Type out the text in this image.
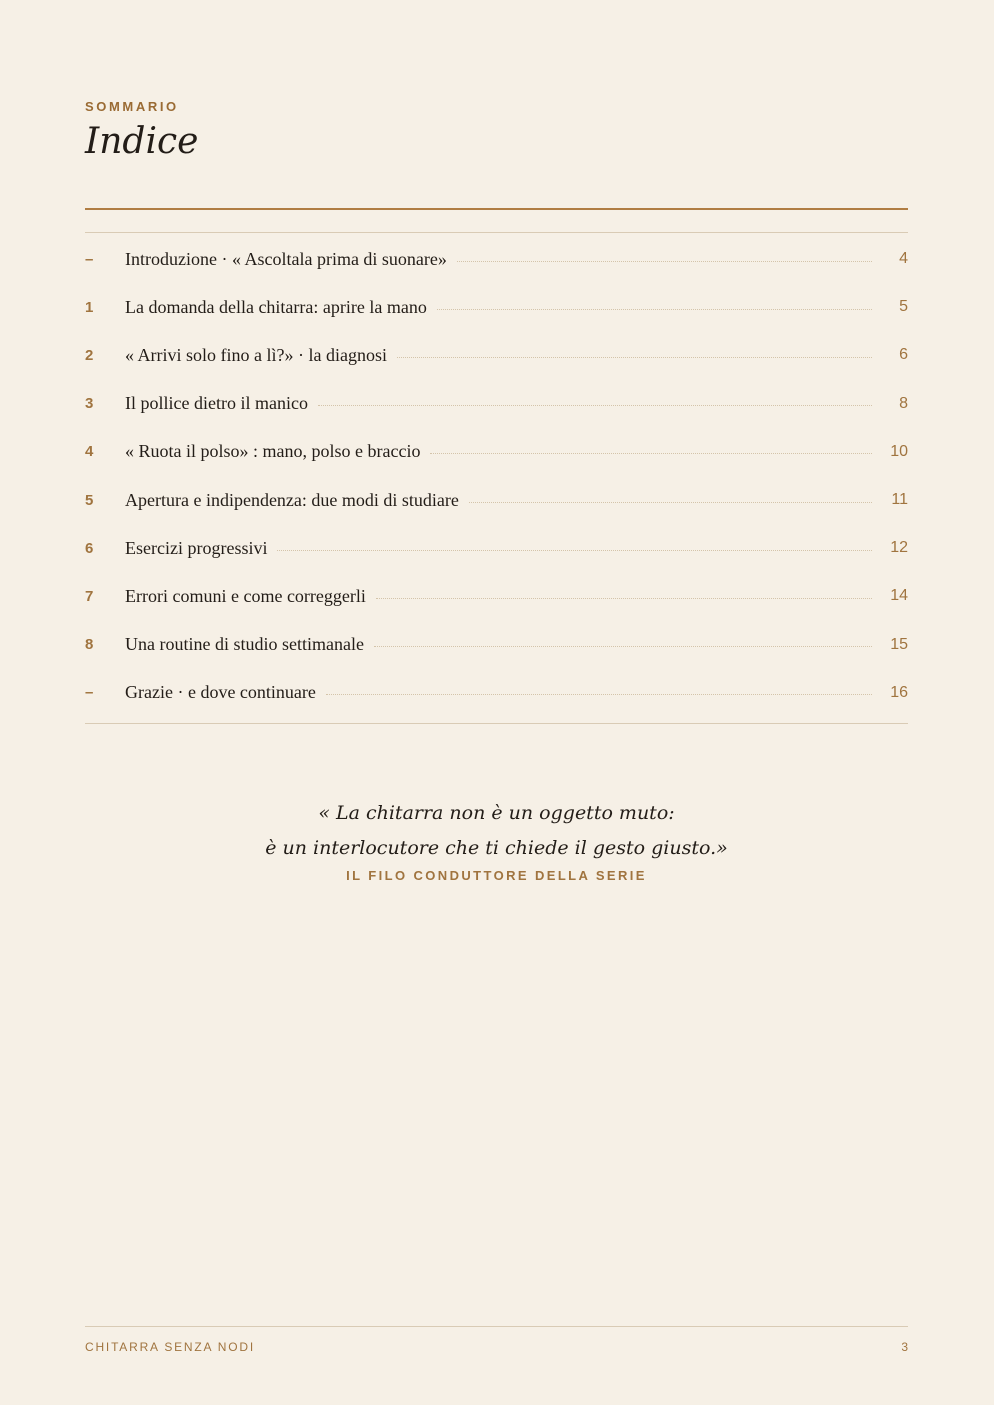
SOMMARIO
Indice
–	Introduzione · « Ascoltala prima di suonare»	4
1	La domanda della chitarra: aprire la mano	5
2	« Arrivi solo fino a lì?» · la diagnosi	6
3	Il pollice dietro il manico	8
4	« Ruota il polso» : mano, polso e braccio	10
5	Apertura e indipendenza: due modi di studiare	11
6	Esercizi progressivi	12
7	Errori comuni e come correggerli	14
8	Una routine di studio settimanale	15
–	Grazie · e dove continuare	16
« La chitarra non è un oggetto muto:
è un interlocutore che ti chiede il gesto giusto.»
IL FILO CONDUTTORE DELLA SERIE
CHITARRA SENZA NODI	3
